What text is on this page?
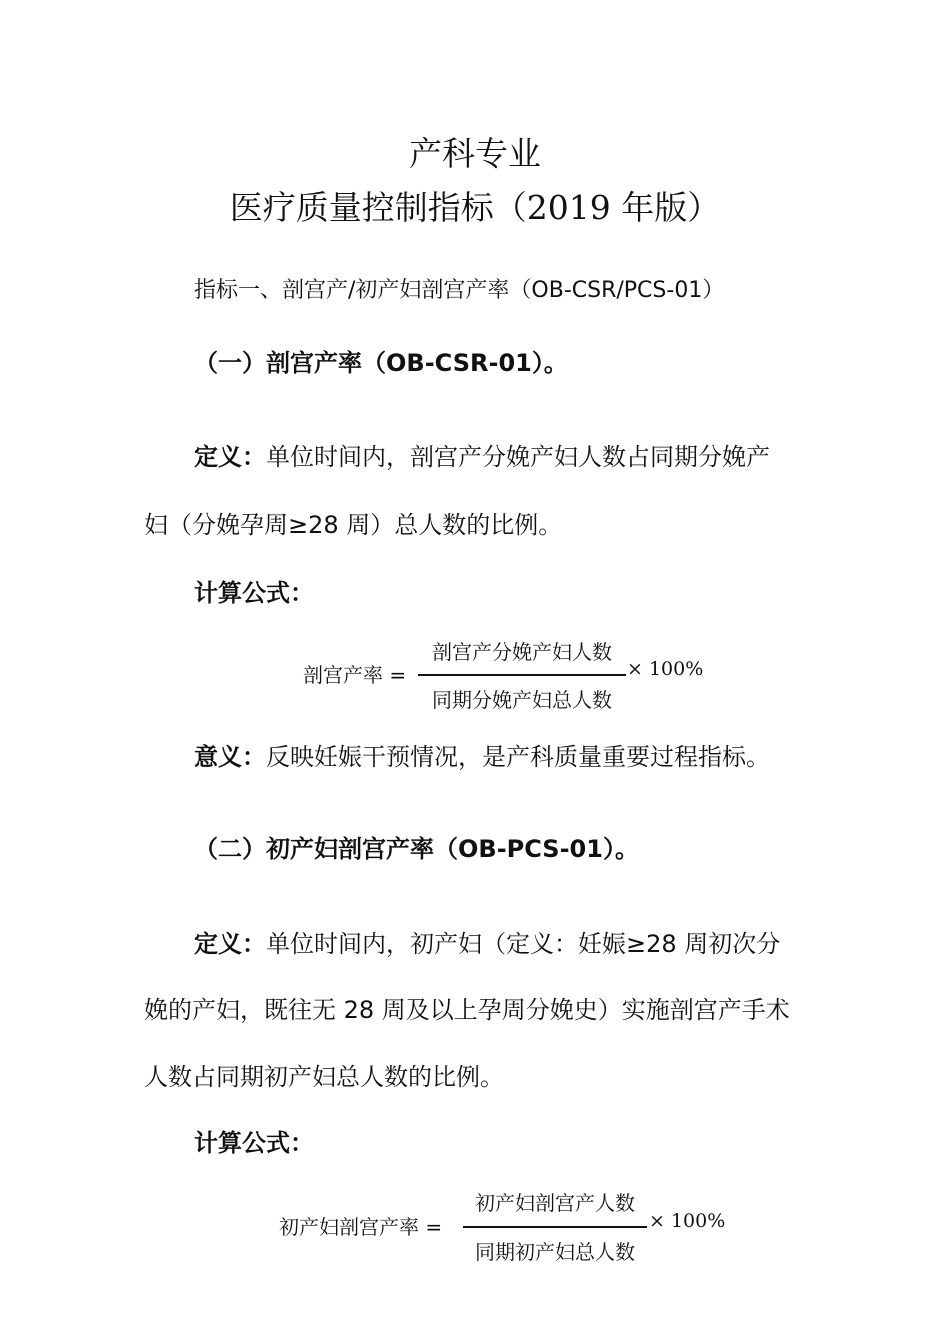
产科专业
医疗质量控制指标（2019 年版）
指标一、剖宫产/初产妇剖宫产率（OB-CSR/PCS-01）
（一）剖宫产率（OB-CSR-01）。
定义：单位时间内，剖宫产分娩产妇人数占同期分娩产
妇（分娩孕周≥28 周）总人数的比例。
计算公式：
剖宫产率 =
剖宫产分娩产妇人数
同期分娩产妇总人数
× 100%
意义：反映妊娠干预情况，是产科质量重要过程指标。
（二）初产妇剖宫产率（OB-PCS-01）。
定义：单位时间内，初产妇（定义：妊娠≥28 周初次分
娩的产妇，既往无 28 周及以上孕周分娩史）实施剖宫产手术
人数占同期初产妇总人数的比例。
计算公式：
初产妇剖宫产率 =
初产妇剖宫产人数
同期初产妇总人数
× 100%
